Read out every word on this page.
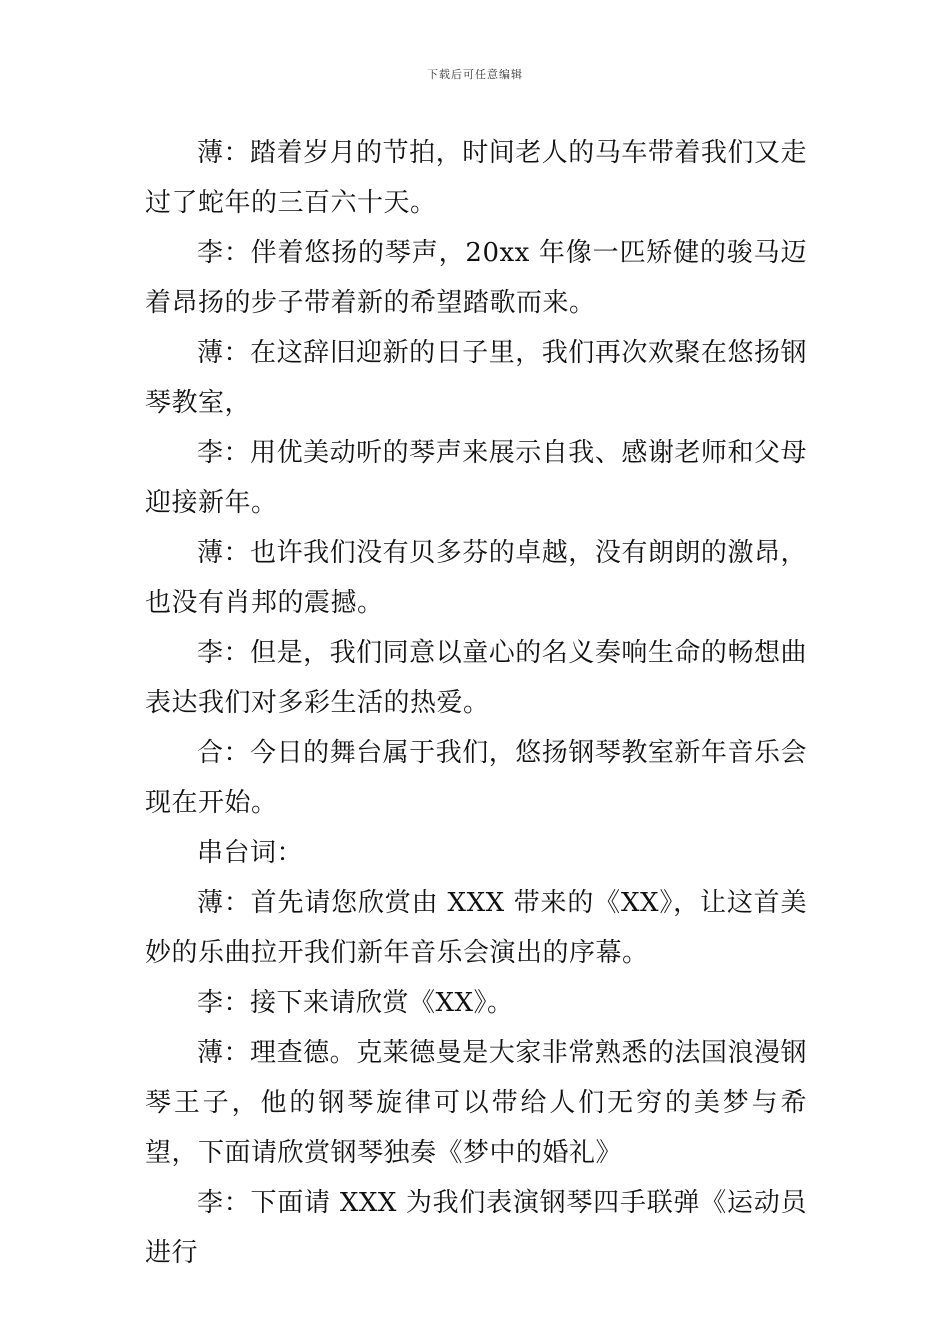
下载后可任意编辑

薄：踏着岁月的节拍，时间老人的马车带着我们又走过了蛇年的三百六十天。

李：伴着悠扬的琴声，20xx 年像一匹矫健的骏马迈着昂扬的步子带着新的希望踏歌而来。

薄：在这辞旧迎新的日子里，我们再次欢聚在悠扬钢琴教室，

李：用优美动听的琴声来展示自我、感谢老师和父母迎接新年。

薄：也许我们没有贝多芬的卓越，没有朗朗的激昂，也没有肖邦的震撼。

李：但是，我们同意以童心的名义奏响生命的畅想曲表达我们对多彩生活的热爱。

合：今日的舞台属于我们，悠扬钢琴教室新年音乐会现在开始。

串台词：

薄：首先请您欣赏由 XXX 带来的《XX》，让这首美妙的乐曲拉开我们新年音乐会演出的序幕。

李：接下来请欣赏《XX》。

薄：理查德。克莱德曼是大家非常熟悉的法国浪漫钢琴王子，他的钢琴旋律可以带给人们无穷的美梦与希望，下面请欣赏钢琴独奏《梦中的婚礼》

李：下面请 XXX 为我们表演钢琴四手联弹《运动员进行
